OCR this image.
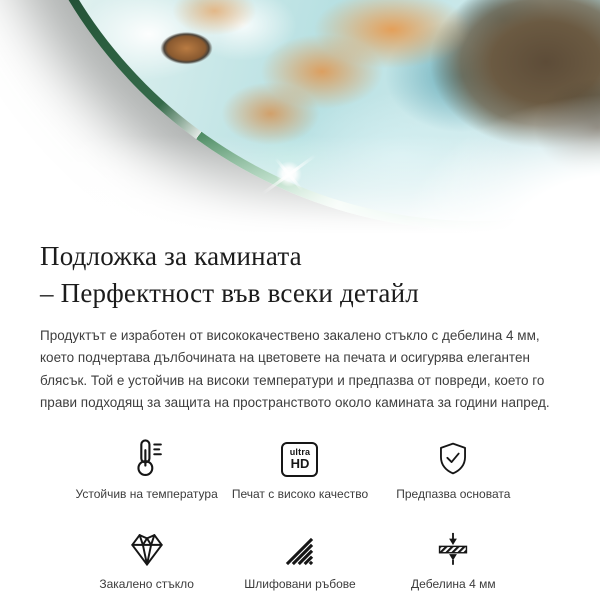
Подложка за камината
– Перфектност във всеки детайл

Продуктът е изработен от висококачествено закалено стъкло с дебелина 4 мм, което подчертава дълбочината на цветовете на печата и осигурява елегантен блясък. Той е устойчив на високи температури и предпазва от повреди, което го прави подходящ за защита на пространството около камината за години напред.

Устойчив на температура
ultra
HD
Печат с високо качество Предпазва основата
Закалено стъкло	Шлифовани ръбове	Дебелина 4 мм
